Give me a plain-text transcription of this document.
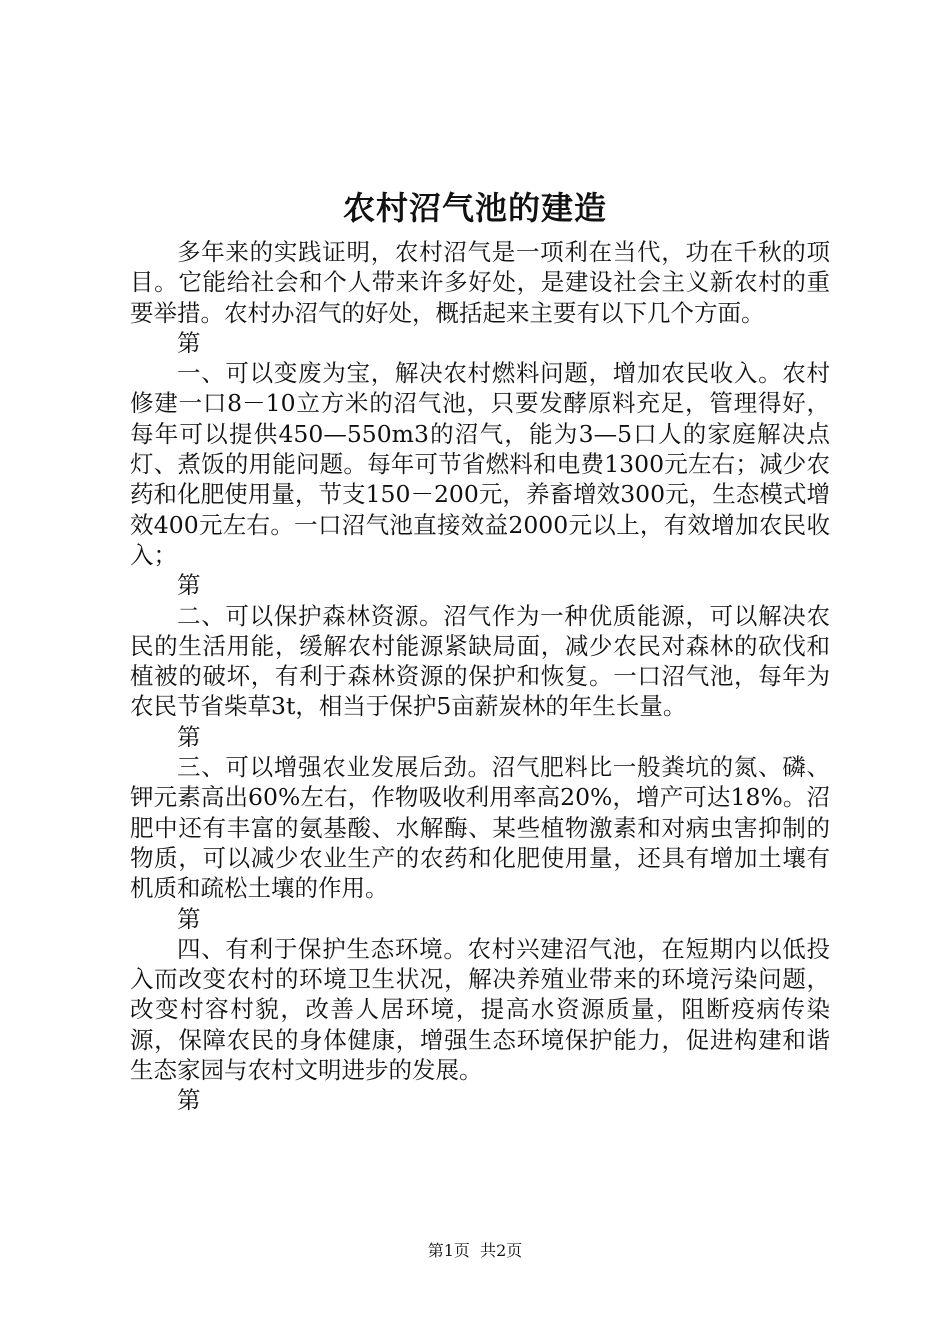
农村沼气池的建造

多年来的实践证明，农村沼气是一项利在当代，功在千秋的项目。它能给社会和个人带来许多好处，是建设社会主义新农村的重要举措。农村办沼气的好处，概括起来主要有以下几个方面。

第

一、可以变废为宝，解决农村燃料问题，增加农民收入。农村修建一口8－10立方米的沼气池，只要发酵原料充足，管理得好，每年可以提供450—550m3的沼气，能为3—5口人的家庭解决点灯、煮饭的用能问题。每年可节省燃料和电费1300元左右；减少农药和化肥使用量，节支150－200元，养畜增效300元，生态模式增效400元左右。一口沼气池直接效益2000元以上，有效增加农民收入；

第

二、可以保护森林资源。沼气作为一种优质能源，可以解决农民的生活用能，缓解农村能源紧缺局面，减少农民对森林的砍伐和植被的破坏，有利于森林资源的保护和恢复。一口沼气池，每年为农民节省柴草3t，相当于保护5亩薪炭林的年生长量。

第

三、可以增强农业发展后劲。沼气肥料比一般粪坑的氮、磷、钾元素高出60%左右，作物吸收利用率高20%，增产可达18%。沼肥中还有丰富的氨基酸、水解酶、某些植物激素和对病虫害抑制的物质，可以减少农业生产的农药和化肥使用量，还具有增加土壤有机质和疏松土壤的作用。

第

四、有利于保护生态环境。农村兴建沼气池，在短期内以低投入而改变农村的环境卫生状况，解决养殖业带来的环境污染问题，改变村容村貌，改善人居环境，提高水资源质量，阻断疫病传染源，保障农民的身体健康，增强生态环境保护能力，促进构建和谐生态家园与农村文明进步的发展。

第

第1页  共2页
